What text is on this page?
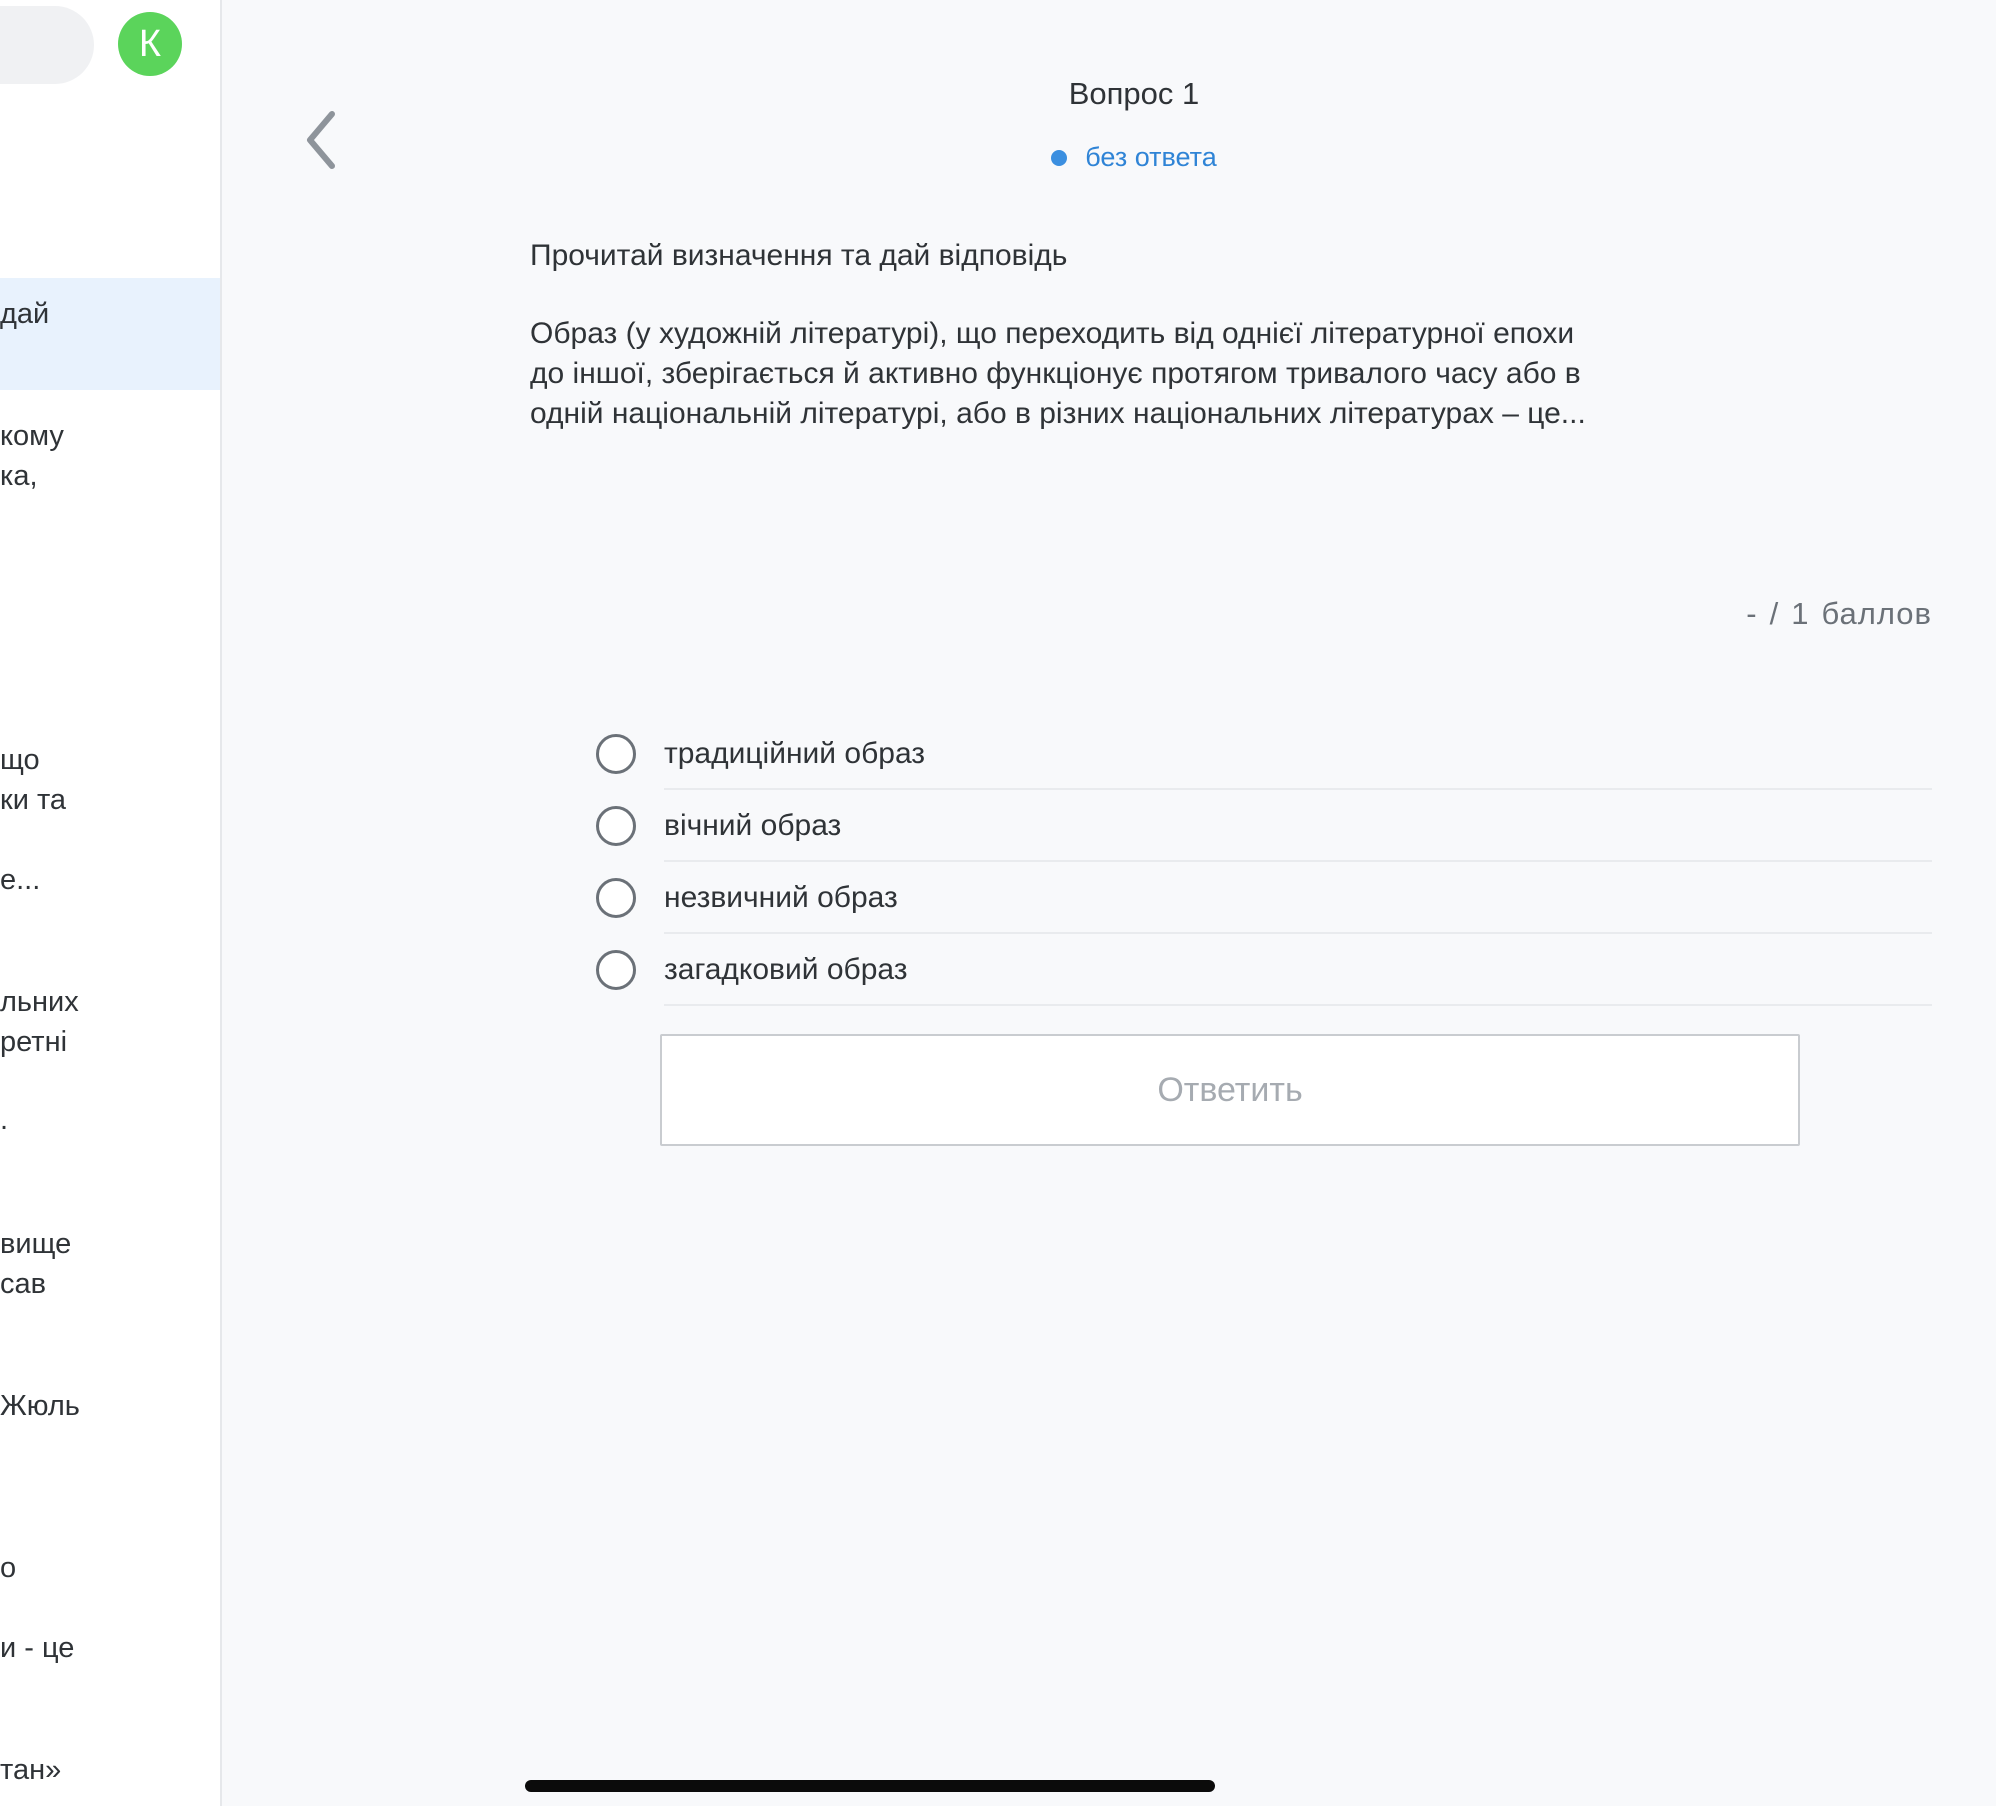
К
дай
кому
ка,
що
ки та
е...
льних
ретні
.
вище
сав
Жюль
о
и - це
тан»
Вопрос 1
без ответа
Прочитай визначення та дай відповідь
Образ (у художній літературі), що переходить від однієї літературної епохи до іншої, зберігається й активно функціонує протягом тривалого часу або в одній національній літературі, або в різних національних літературах – це...
- / 1 баллов
традиційний образ
вічний образ
незвичний образ
загадковий образ
Ответить
